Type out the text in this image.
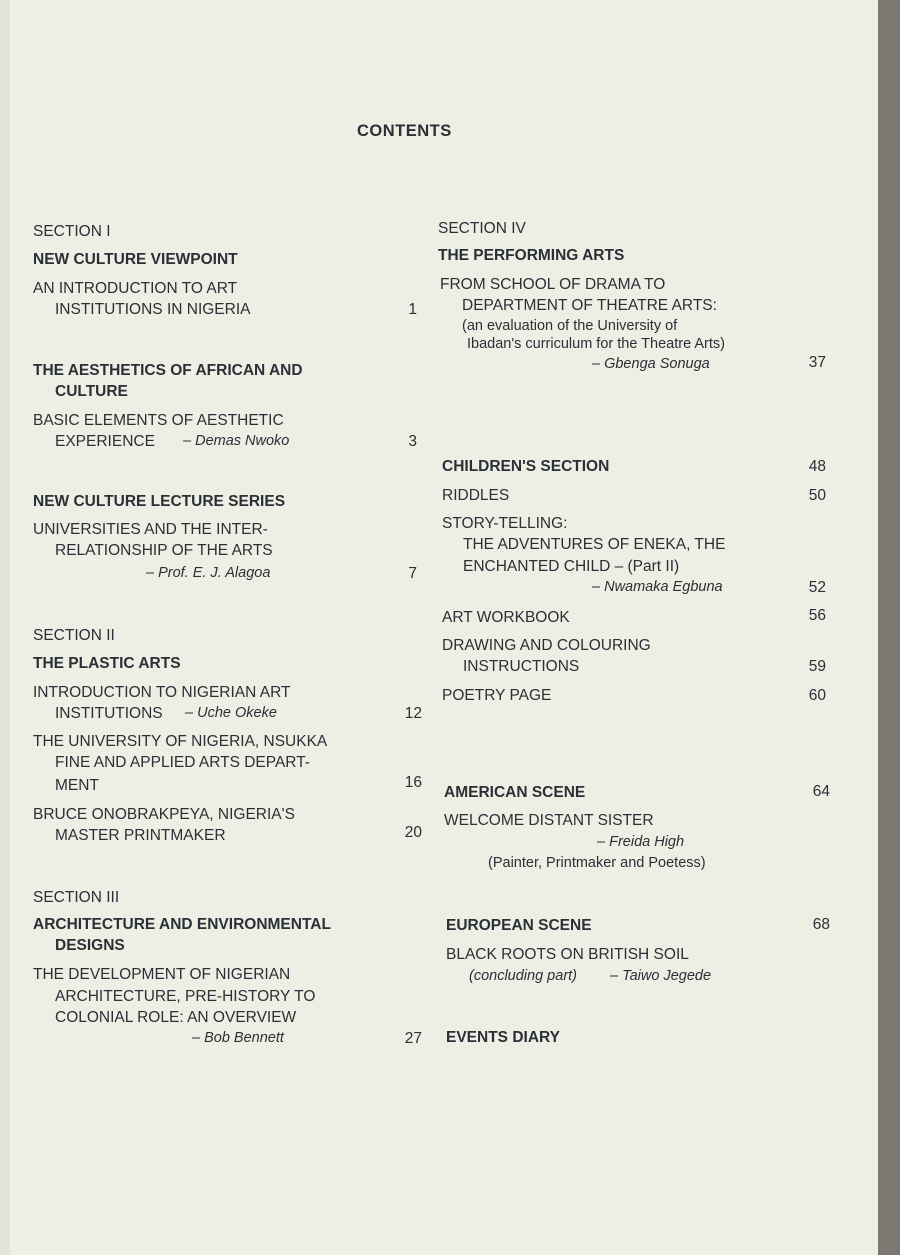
CONTENTS

SECTION I

NEW CULTURE VIEWPOINT

AN INTRODUCTION TO ART

INSTITUTIONS IN NIGERIA	1

THE AESTHETICS OF AFRICAN AND

CULTURE

BASIC ELEMENTS OF AESTHETIC

EXPERIENCE – Demas Nwoko	3

NEW CULTURE LECTURE SERIES

UNIVERSITIES AND THE INTER-

RELATIONSHIP OF THE ARTS

– Prof. E. J. Alagoa	7

SECTION II

THE PLASTIC ARTS

INTRODUCTION TO NIGERIAN ART

INSTITUTIONS – Uche Okeke	12

THE UNIVERSITY OF NIGERIA, NSUKKA

FINE AND APPLIED ARTS DEPART-

MENT	16

BRUCE ONOBRAKPEYA, NIGERIA'S

MASTER PRINTMAKER	20

SECTION III

ARCHITECTURE AND ENVIRONMENTAL

DESIGNS

THE DEVELOPMENT OF NIGERIAN

ARCHITECTURE, PRE-HISTORY TO

COLONIAL ROLE: AN OVERVIEW

– Bob Bennett	27

SECTION IV

THE PERFORMING ARTS

FROM SCHOOL OF DRAMA TO

DEPARTMENT OF THEATRE ARTS:

(an evaluation of the University of

Ibadan's curriculum for the Theatre Arts)

– Gbenga Sonuga	37

CHILDREN'S SECTION	48

RIDDLES	50

STORY-TELLING:

THE ADVENTURES OF ENEKA, THE

ENCHANTED CHILD – (Part II)

– Nwamaka Egbuna	52

ART WORKBOOK	56

DRAWING AND COLOURING

INSTRUCTIONS	59

POETRY PAGE	60

AMERICAN SCENE	64

WELCOME DISTANT SISTER

– Freida High

(Painter, Printmaker and Poetess)

EUROPEAN SCENE	68

BLACK ROOTS ON BRITISH SOIL

(concluding part) – Taiwo Jegede

EVENTS DIARY
